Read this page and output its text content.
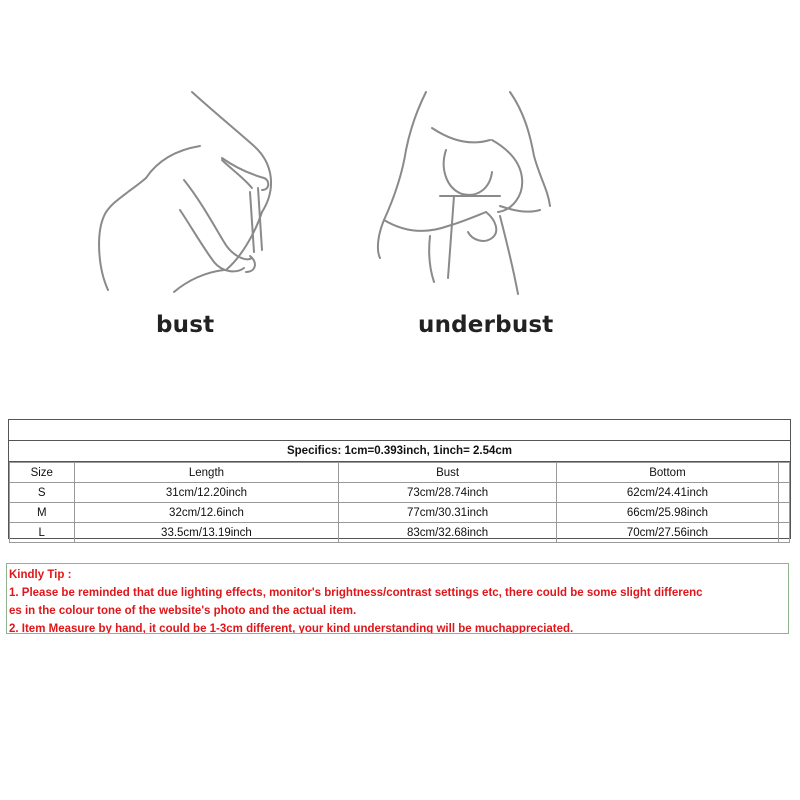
bust	underbust
Specifics: 1cm=0.393inch, 1inch= 2.54cm
Size	Length	Bust	Bottom	
S	31cm/12.20inch	73cm/28.74inch	62cm/24.41inch	
M	32cm/12.6inch	77cm/30.31inch	66cm/25.98inch	
L	33.5cm/13.19inch	83cm/32.68inch	70cm/27.56inch	
Kindly Tip :
1. Please be reminded that due lighting effects, monitor's brightness/contrast settings etc, there could be some slight differenc
es in the colour tone of the website's photo and the actual item.
2. Item Measure by hand, it could be 1-3cm different, your kind understanding will be muchappreciated.
